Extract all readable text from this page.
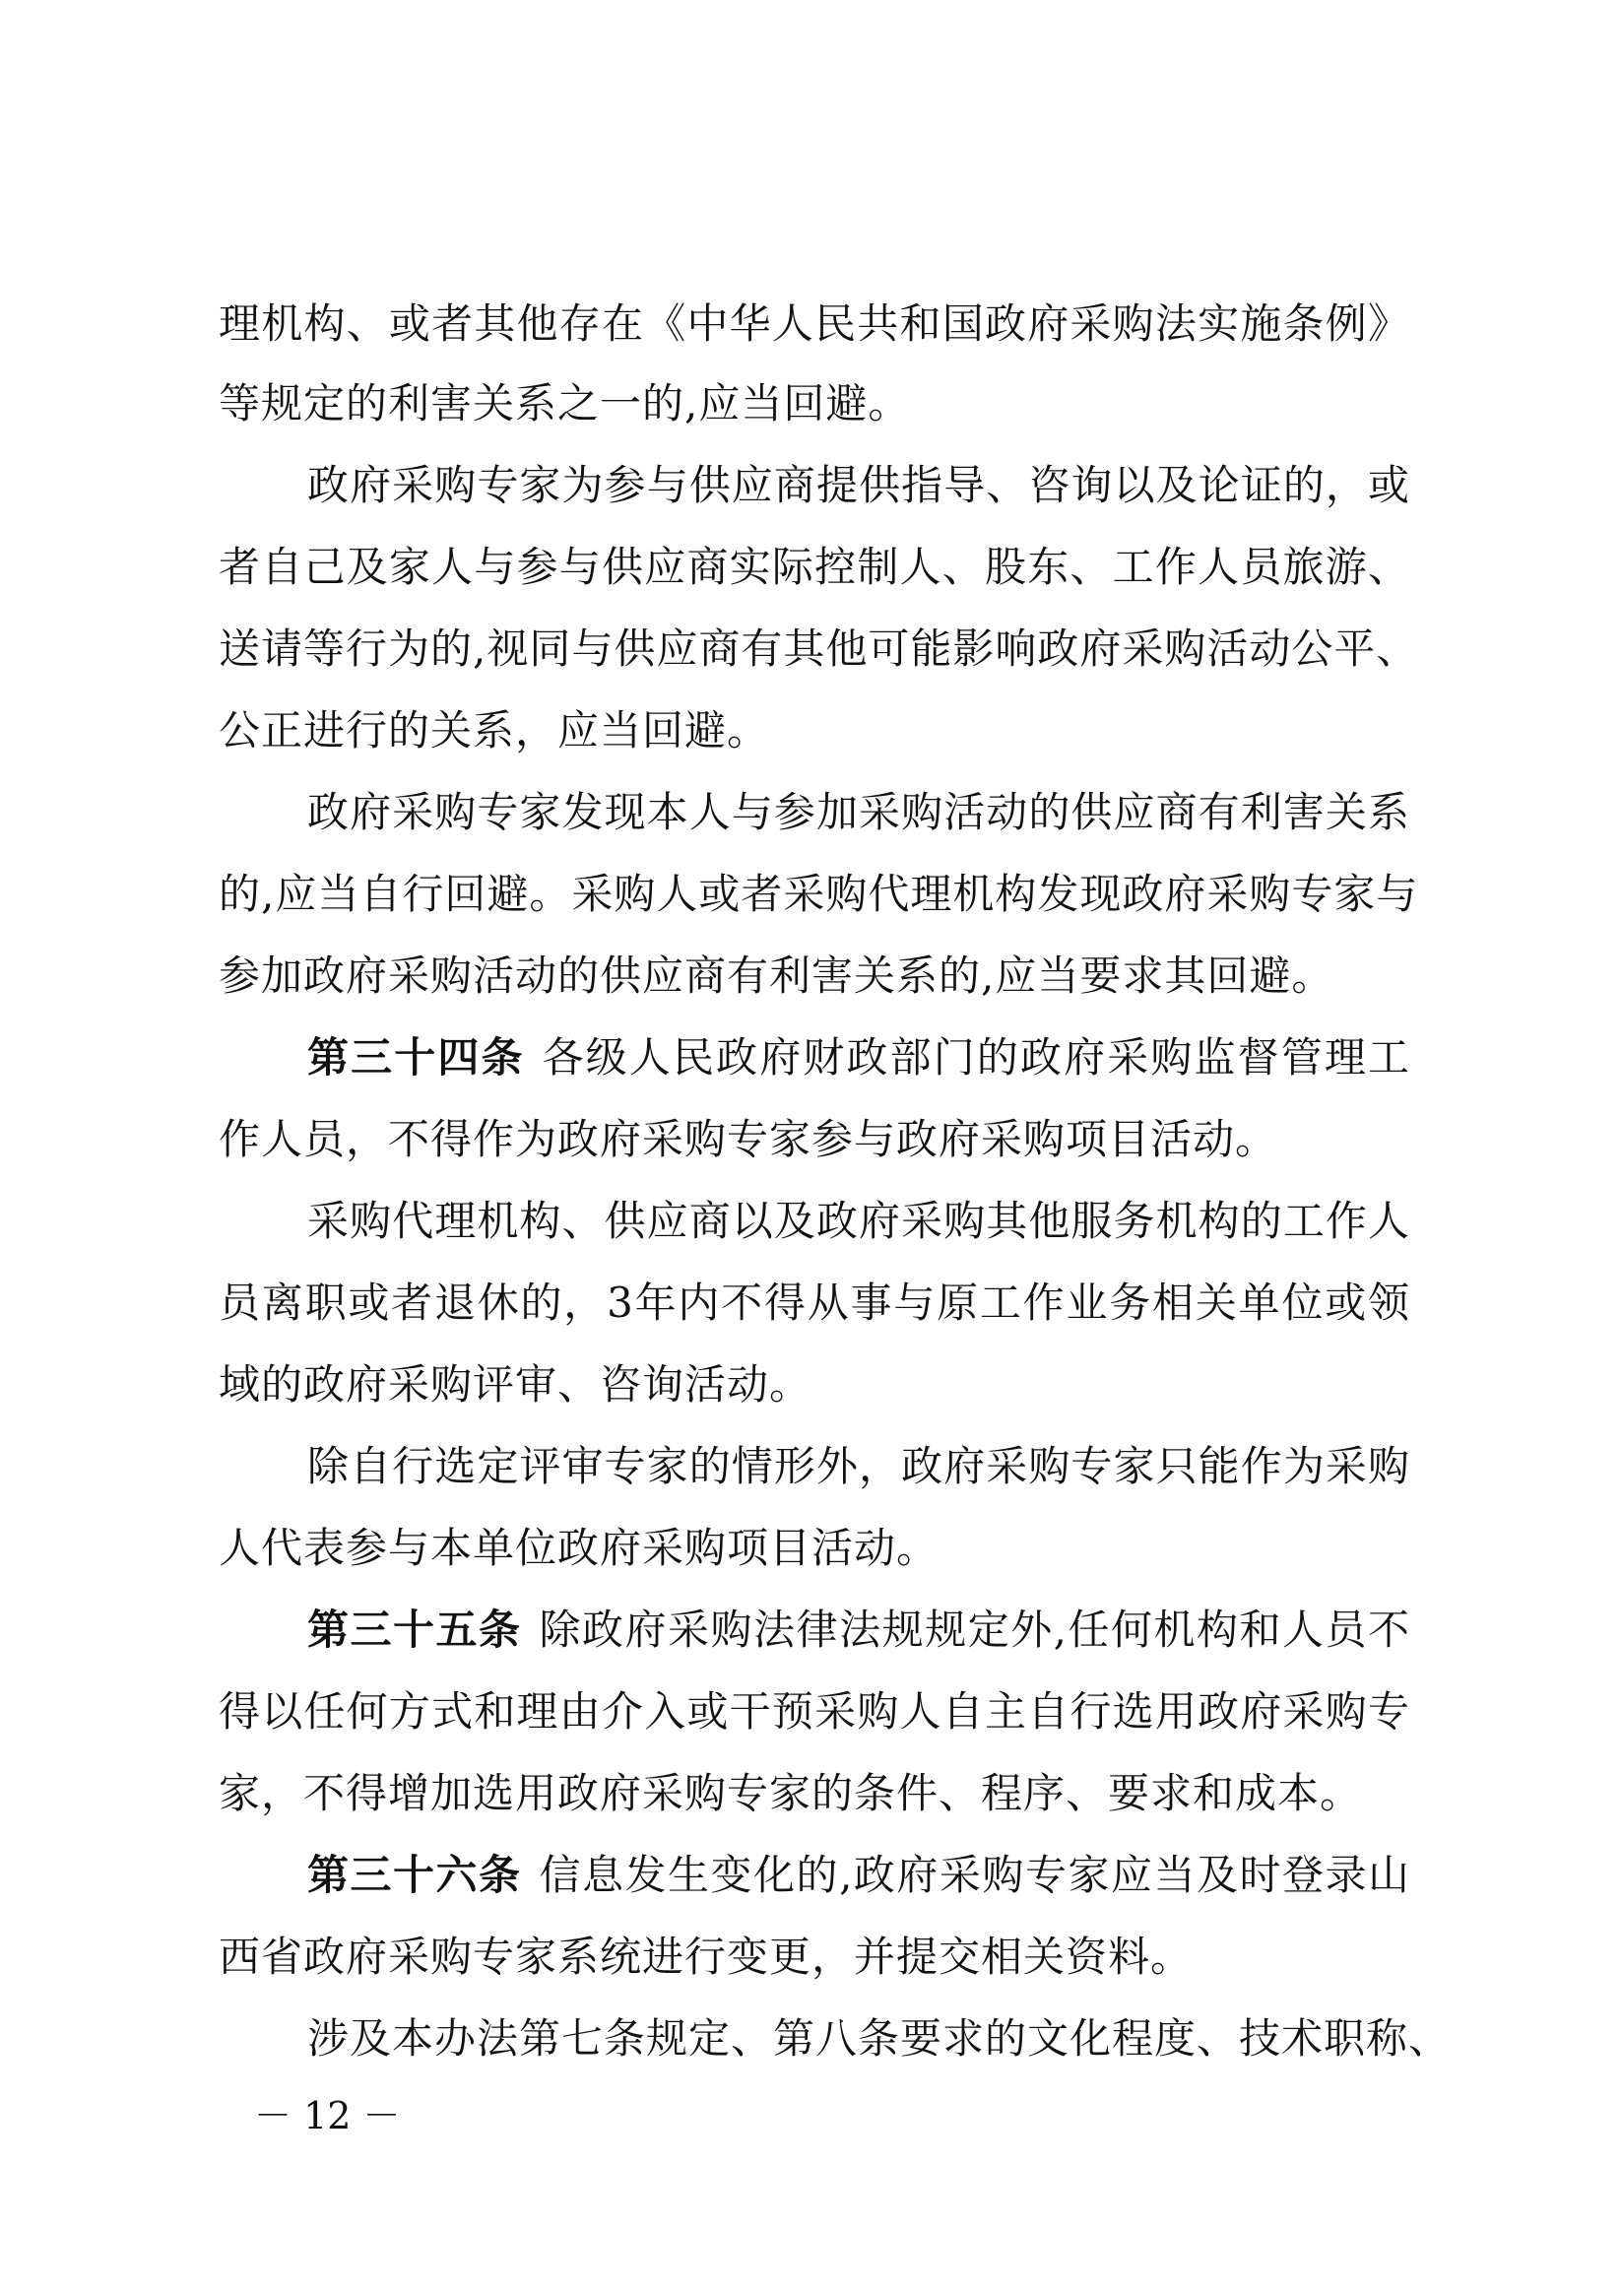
理机构、或者其他存在《中华人民共和国政府采购法实施条例》
等规定的利害关系之一的,应当回避。
政府采购专家为参与供应商提供指导、咨询以及论证的，或
者自己及家人与参与供应商实际控制人、股东、工作人员旅游、
送请等行为的,视同与供应商有其他可能影响政府采购活动公平、
公正进行的关系，应当回避。
政府采购专家发现本人与参加采购活动的供应商有利害关系
的,应当自行回避。采购人或者采购代理机构发现政府采购专家与
参加政府采购活动的供应商有利害关系的,应当要求其回避。
第三十四条 各级人民政府财政部门的政府采购监督管理工
作人员，不得作为政府采购专家参与政府采购项目活动。
采购代理机构、供应商以及政府采购其他服务机构的工作人
员离职或者退休的，3年内不得从事与原工作业务相关单位或领
域的政府采购评审、咨询活动。
除自行选定评审专家的情形外，政府采购专家只能作为采购
人代表参与本单位政府采购项目活动。
第三十五条 除政府采购法律法规规定外,任何机构和人员不
得以任何方式和理由介入或干预采购人自主自行选用政府采购专
家，不得增加选用政府采购专家的条件、程序、要求和成本。
第三十六条 信息发生变化的,政府采购专家应当及时登录山
西省政府采购专家系统进行变更，并提交相关资料。
涉及本办法第七条规定、第八条要求的文化程度、技术职称、
－ 12 －
